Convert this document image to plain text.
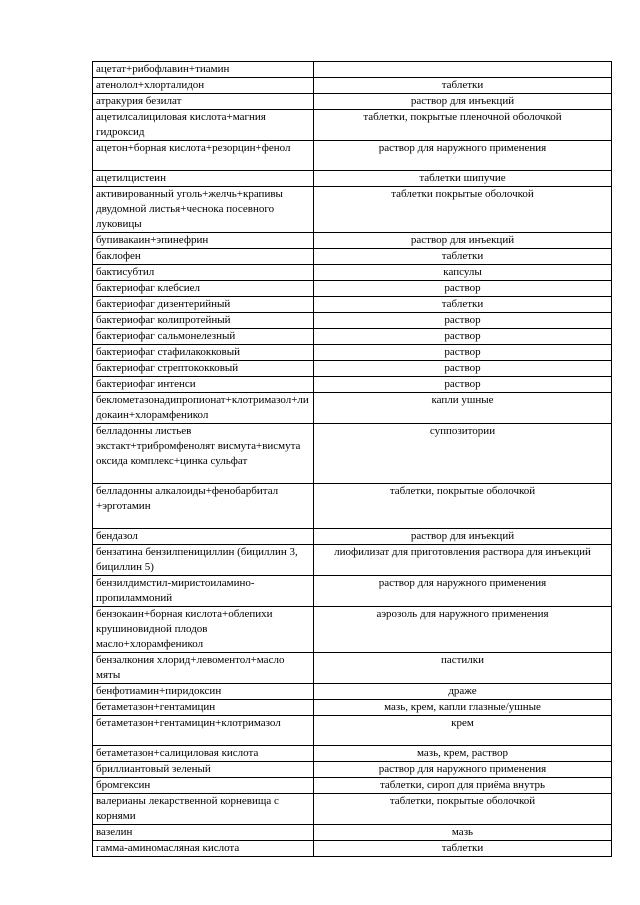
ацетат+рибофлавин+тиамин	
атенолол+хлорталидон	таблетки
атракурия безилат	раствор для инъекций
ацетилсалициловая кислота+магния гидроксид	таблетки, покрытые пленочной оболочкой
ацетон+борная кислота+резорцин+фенол	раствор для наружного применения
ацетилцистеин	таблетки шипучие
активированный уголь+желчь+крапивы двудомной листья+чеснока посевного луковицы	таблетки покрытые оболочкой
бупивакаин+эпинефрин	раствор для инъекций
баклофен	таблетки
бактисубтил	капсулы
бактериофаг клебсиел	раствор
бактериофаг дизентерийный	таблетки
бактериофаг колипротейный	раствор
бактериофаг сальмонелезный	раствор
бактериофаг стафилакокковый	раствор
бактериофаг стрептококковый	раствор
бактериофаг интенси	раствор
беклометазонадипропионат+клотримазол+лидокаин+хлорамфеникол	капли ушные
белладонны листьев экстакт+трибромфенолят висмута+висмута оксида комплекс+цинка сульфат	суппозитории
белладонны алкалоиды+фенобарбитал +эрготамин	таблетки, покрытые оболочкой
бендазол	раствор для инъекций
бензатина бензилпенициллин (бициллин 3, бициллин 5)	лиофилизат для приготовления раствора для инъекций
бензилдимстил-миристоиламино-пропиламмоний	раствор для наружного применения
бензокаин+борная кислота+облепихи крушиновидной плодов масло+хлорамфеникол	аэрозоль для наружного применения
бензалкония хлорид+левоментол+масло мяты	пастилки
бенфотиамин+пиридоксин	драже
бетаметазон+гентамицин	мазь, крем, капли глазные/ушные
бетаметазон+гентамицин+клотримазол	крем
бетаметазон+салициловая кислота	мазь, крем, раствор
бриллиантовый зеленый	раствор для наружного применения
бромгексин	таблетки, сироп для приёма внутрь
валерианы лекарственной корневища с корнями	таблетки, покрытые оболочкой
вазелин	мазь
гамма-аминомасляная кислота	таблетки
